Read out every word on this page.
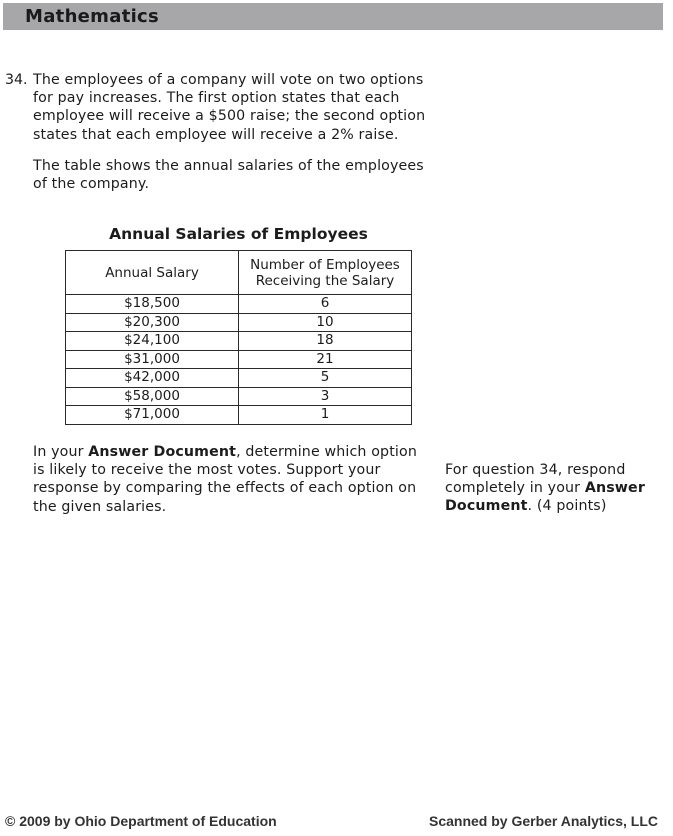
Mathematics
34. The employees of a company will vote on two options for pay increases. The first option states that each employee will receive a $500 raise; the second option states that each employee will receive a 2% raise.

The table shows the annual salaries of the employees of the company.

Annual Salaries of Employees
Annual Salary	Number of Employees
Receiving the Salary
$18,500	6
$20,300	10
$24,100	18
$31,000	21
$42,000	5
$58,000	3
$71,000	1
In your Answer Document, determine which option is likely to receive the most votes. Support your response by comparing the effects of each option on the given salaries.
For question 34, respond completely in your Answer Document. (4 points)
© 2009 by Ohio Department of Education	Scanned by Gerber Analytics, LLC
